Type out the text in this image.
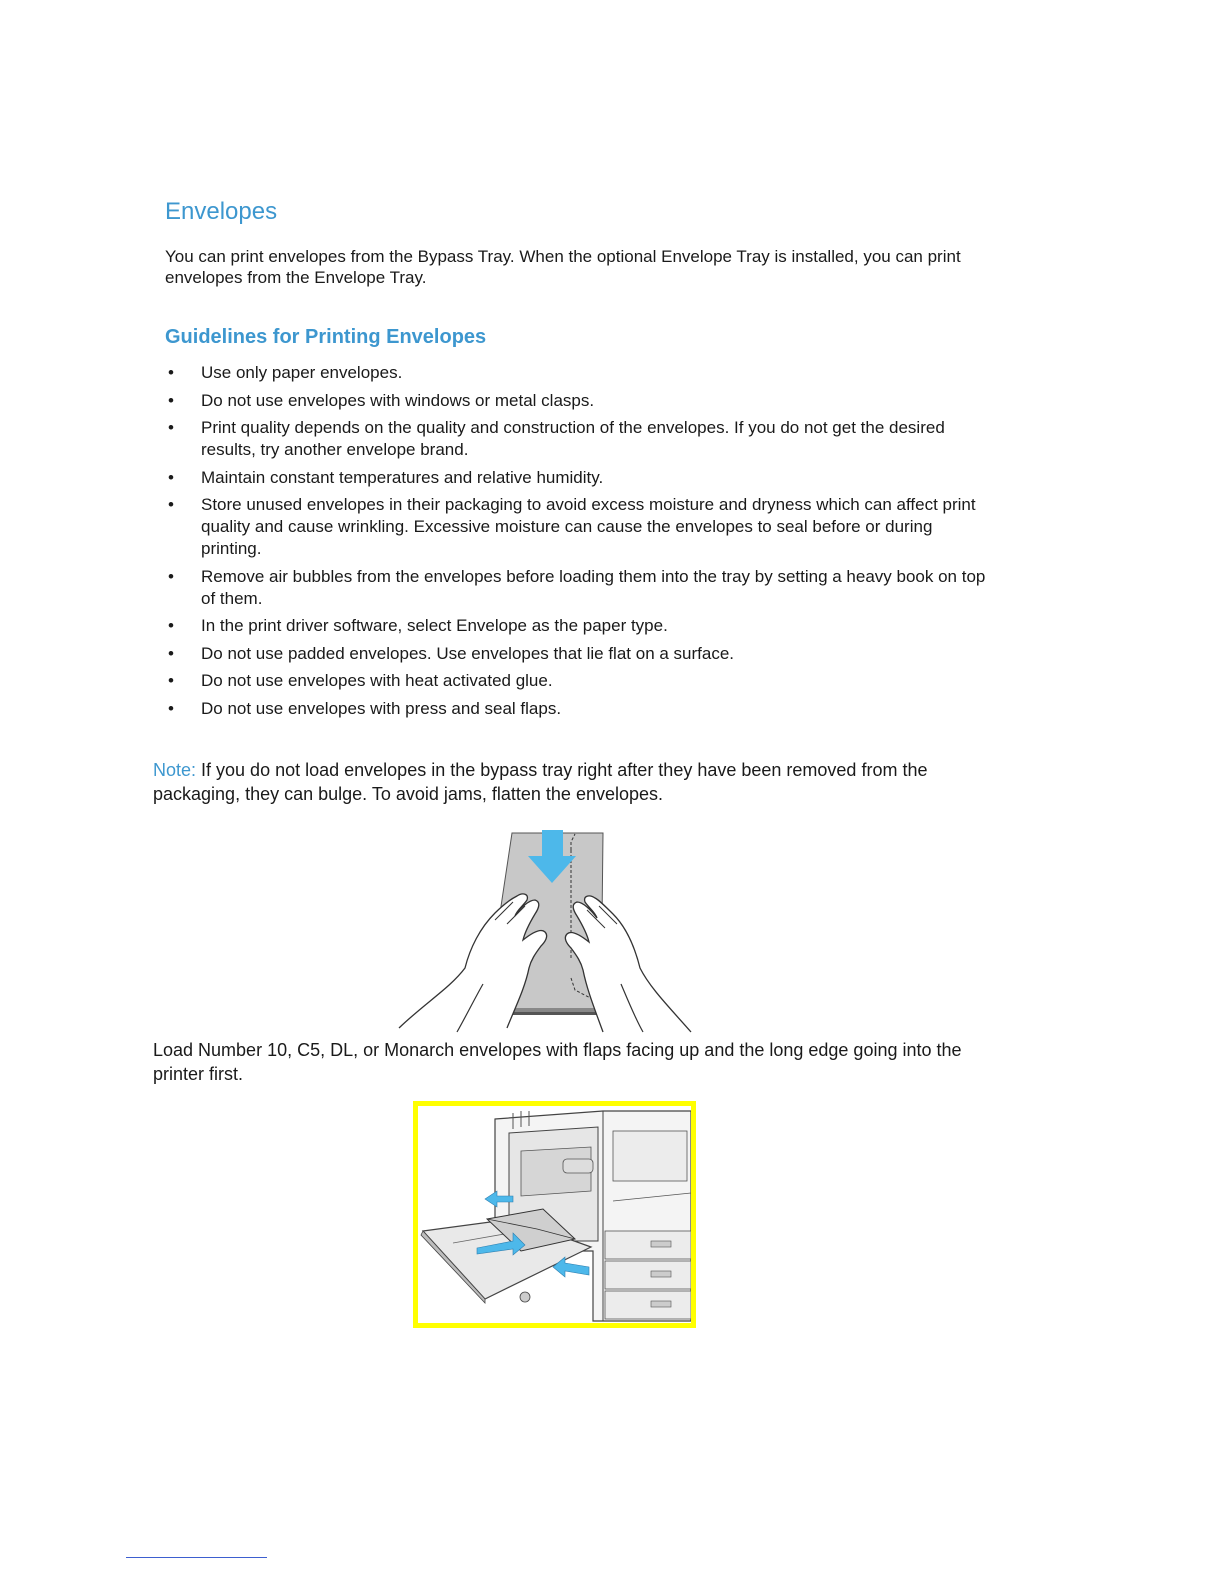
Envelopes

You can print envelopes from the Bypass Tray. When the optional Envelope Tray is installed, you can print envelopes from the Envelope Tray.

Guidelines for Printing Envelopes
• Use only paper envelopes.
• Do not use envelopes with windows or metal clasps.
• Print quality depends on the quality and construction of the envelopes. If you do not get the desired results, try another envelope brand.
• Maintain constant temperatures and relative humidity.
• Store unused envelopes in their packaging to avoid excess moisture and dryness which can affect print quality and cause wrinkling. Excessive moisture can cause the envelopes to seal before or during printing.
• Remove air bubbles from the envelopes before loading them into the tray by setting a heavy book on top of them.
• In the print driver software, select Envelope as the paper type.
• Do not use padded envelopes. Use envelopes that lie flat on a surface.
• Do not use envelopes with heat activated glue.
• Do not use envelopes with press and seal flaps.

Note: If you do not load envelopes in the bypass tray right after they have been removed from the packaging, they can bulge. To avoid jams, flatten the envelopes.

Load Number 10, C5, DL, or Monarch envelopes with flaps facing up and the long edge going into the printer first.
